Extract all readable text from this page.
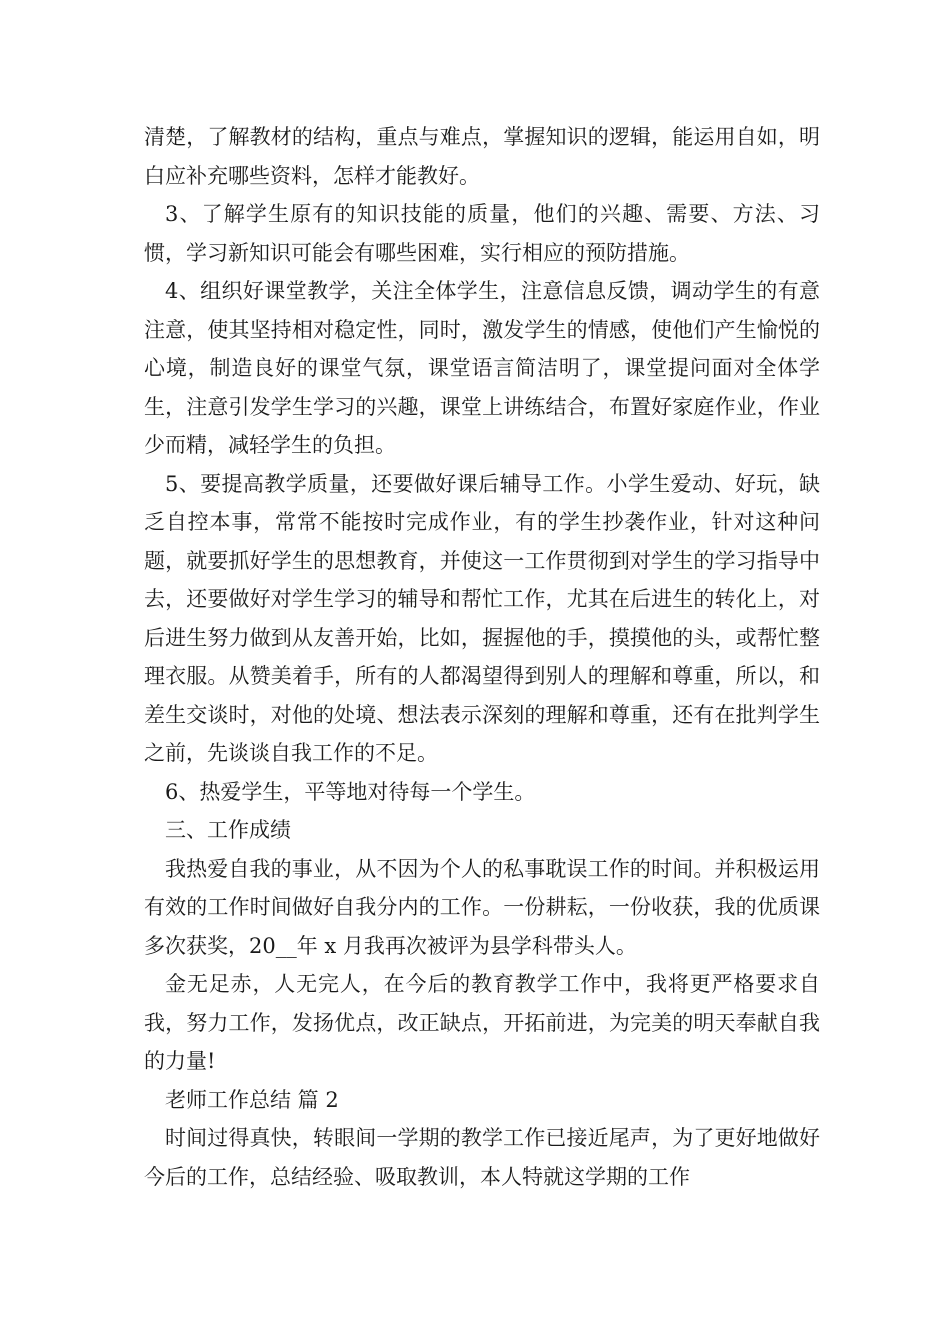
清楚，了解教材的结构，重点与难点，掌握知识的逻辑，能运用自如，明白应补充哪些资料，怎样才能教好。

3、了解学生原有的知识技能的质量，他们的兴趣、需要、方法、习惯，学习新知识可能会有哪些困难，实行相应的预防措施。

4、组织好课堂教学，关注全体学生，注意信息反馈，调动学生的有意注意，使其坚持相对稳定性，同时，激发学生的情感，使他们产生愉悦的心境，制造良好的课堂气氛，课堂语言简洁明了，课堂提问面对全体学生，注意引发学生学习的兴趣，课堂上讲练结合，布置好家庭作业，作业少而精，减轻学生的负担。

5、要提高教学质量，还要做好课后辅导工作。小学生爱动、好玩，缺乏自控本事，常常不能按时完成作业，有的学生抄袭作业，针对这种问题，就要抓好学生的思想教育，并使这一工作贯彻到对学生的学习指导中去，还要做好对学生学习的辅导和帮忙工作，尤其在后进生的转化上，对后进生努力做到从友善开始，比如，握握他的手，摸摸他的头，或帮忙整理衣服。从赞美着手，所有的人都渴望得到别人的理解和尊重，所以，和差生交谈时，对他的处境、想法表示深刻的理解和尊重，还有在批判学生之前，先谈谈自我工作的不足。

6、热爱学生，平等地对待每一个学生。

三、工作成绩

我热爱自我的事业，从不因为个人的私事耽误工作的时间。并积极运用有效的工作时间做好自我分内的工作。一份耕耘，一份收获，我的优质课多次获奖，20__年 x 月我再次被评为县学科带头人。

金无足赤，人无完人，在今后的教育教学工作中，我将更严格要求自我，努力工作，发扬优点，改正缺点，开拓前进，为完美的明天奉献自我的力量!

老师工作总结 篇 2

时间过得真快，转眼间一学期的教学工作已接近尾声，为了更好地做好今后的工作，总结经验、吸取教训，本人特就这学期的工作
